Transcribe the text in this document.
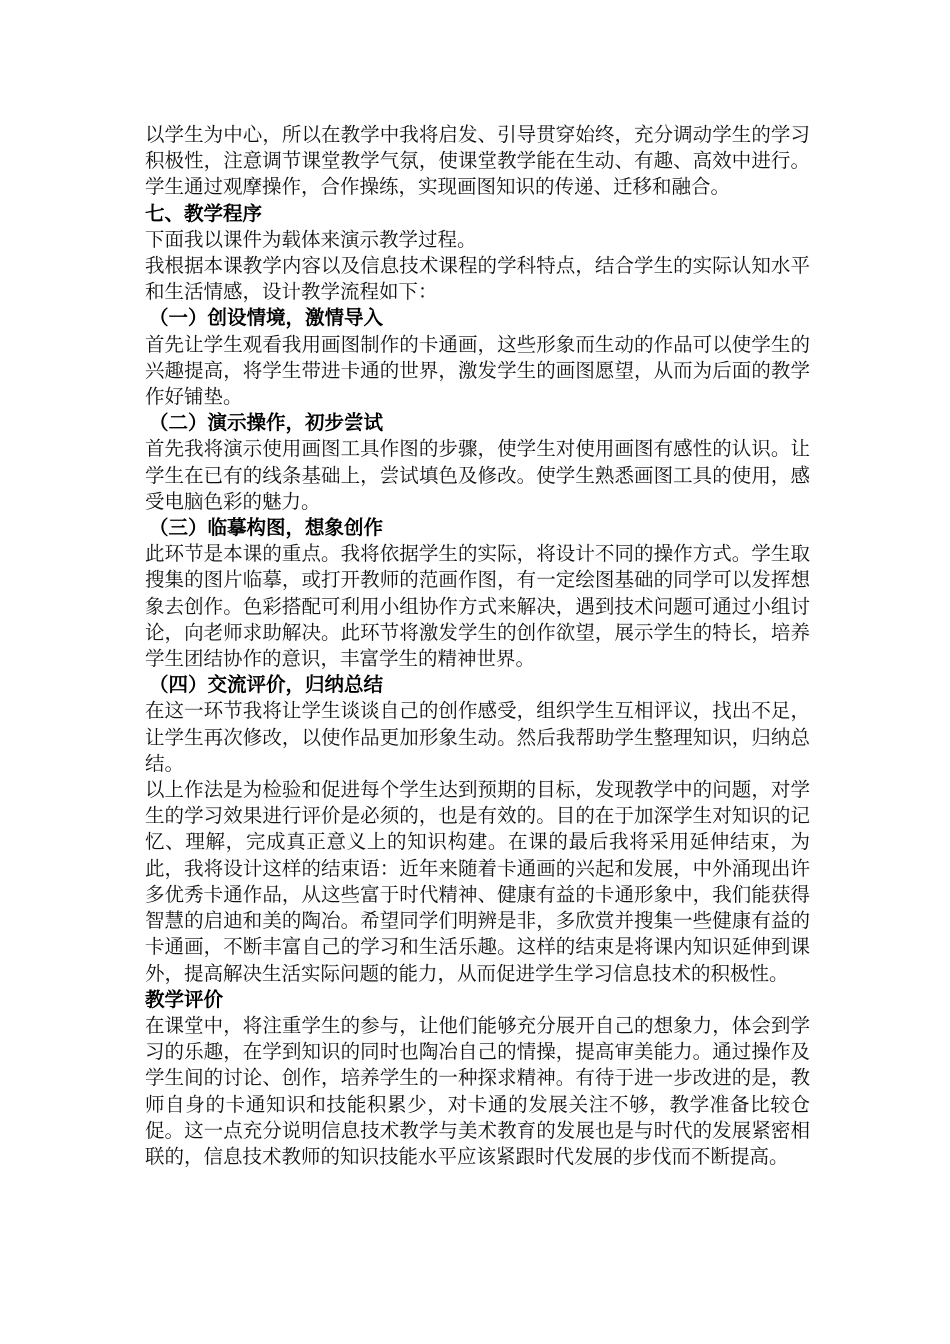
以学生为中心，所以在教学中我将启发、引导贯穿始终，充分调动学生的学习积极性，注意调节课堂教学气氛，使课堂教学能在生动、有趣、高效中进行。学生通过观摩操作，合作操练，实现画图知识的传递、迁移和融合。

七、教学程序

下面我以课件为载体来演示教学过程。

我根据本课教学内容以及信息技术课程的学科特点，结合学生的实际认知水平和生活情感，设计教学流程如下：

（一）创设情境，激情导入

首先让学生观看我用画图制作的卡通画，这些形象而生动的作品可以使学生的兴趣提高，将学生带进卡通的世界，激发学生的画图愿望，从而为后面的教学作好铺垫。

（二）演示操作，初步尝试

首先我将演示使用画图工具作图的步骤，使学生对使用画图有感性的认识。让学生在已有的线条基础上，尝试填色及修改。使学生熟悉画图工具的使用，感受电脑色彩的魅力。

（三）临摹构图，想象创作

此环节是本课的重点。我将依据学生的实际，将设计不同的操作方式。学生取搜集的图片临摹，或打开教师的范画作图，有一定绘图基础的同学可以发挥想象去创作。色彩搭配可利用小组协作方式来解决，遇到技术问题可通过小组讨论，向老师求助解决。此环节将激发学生的创作欲望，展示学生的特长，培养学生团结协作的意识，丰富学生的精神世界。

（四）交流评价，归纳总结

在这一环节我将让学生谈谈自己的创作感受，组织学生互相评议，找出不足，让学生再次修改，以使作品更加形象生动。然后我帮助学生整理知识，归纳总结。

以上作法是为检验和促进每个学生达到预期的目标，发现教学中的问题，对学生的学习效果进行评价是必须的，也是有效的。目的在于加深学生对知识的记忆、理解，完成真正意义上的知识构建。在课的最后我将采用延伸结束，为此，我将设计这样的结束语：近年来随着卡通画的兴起和发展，中外涌现出许多优秀卡通作品，从这些富于时代精神、健康有益的卡通形象中，我们能获得智慧的启迪和美的陶冶。希望同学们明辨是非，多欣赏并搜集一些健康有益的卡通画，不断丰富自己的学习和生活乐趣。这样的结束是将课内知识延伸到课外，提高解决生活实际问题的能力，从而促进学生学习信息技术的积极性。

教学评价

在课堂中，将注重学生的参与，让他们能够充分展开自己的想象力，体会到学习的乐趣，在学到知识的同时也陶冶自己的情操，提高审美能力。通过操作及学生间的讨论、创作，培养学生的一种探求精神。有待于进一步改进的是，教师自身的卡通知识和技能积累少，对卡通的发展关注不够，教学准备比较仓促。这一点充分说明信息技术教学与美术教育的发展也是与时代的发展紧密相联的，信息技术教师的知识技能水平应该紧跟时代发展的步伐而不断提高。
